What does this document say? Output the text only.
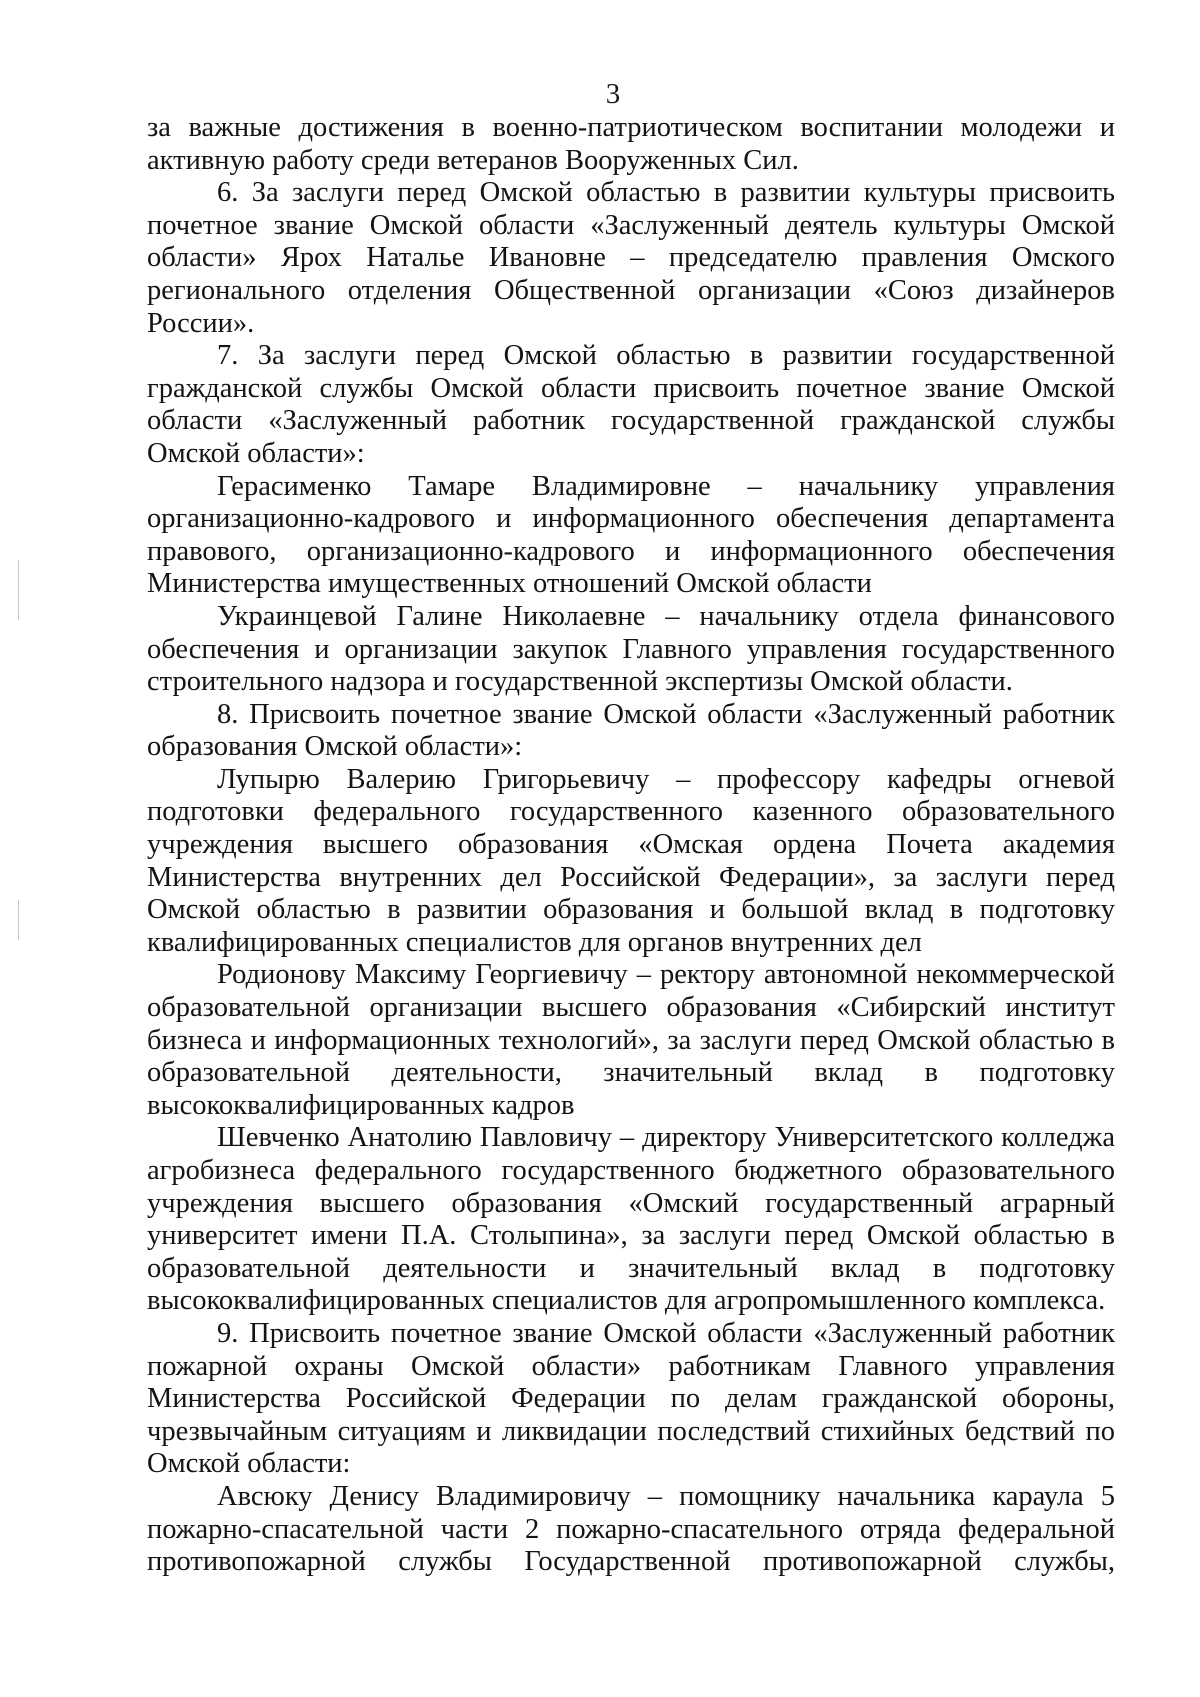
3

за важные достижения в военно-патриотическом воспитании молодежи и активную работу среди ветеранов Вооруженных Сил.

6. За заслуги перед Омской областью в развитии культуры присвоить почетное звание Омской области «Заслуженный деятель культуры Омской области» Ярох Наталье Ивановне – председателю правления Омского регионального отделения Общественной организации «Союз дизайнеров России».

7. За заслуги перед Омской областью в развитии государственной гражданской службы Омской области присвоить почетное звание Омской области «Заслуженный работник государственной гражданской службы Омской области»:

Герасименко Тамаре Владимировне – начальнику управления организационно-кадрового и информационного обеспечения департамента правового, организационно-кадрового и информационного обеспечения Министерства имущественных отношений Омской области

Украинцевой Галине Николаевне – начальнику отдела финансового обеспечения и организации закупок Главного управления государственного строительного надзора и государственной экспертизы Омской области.

8. Присвоить почетное звание Омской области «Заслуженный работник образования Омской области»:

Лупырю Валерию Григорьевичу – профессору кафедры огневой подготовки федерального государственного казенного образовательного учреждения высшего образования «Омская ордена Почета академия Министерства внутренних дел Российской Федерации», за заслуги перед Омской областью в развитии образования и большой вклад в подготовку квалифицированных специалистов для органов внутренних дел

Родионову Максиму Георгиевичу – ректору автономной некоммерческой образовательной организации высшего образования «Сибирский институт бизнеса и информационных технологий», за заслуги перед Омской областью в образовательной деятельности, значительный вклад в подготовку высококвалифицированных кадров

Шевченко Анатолию Павловичу – директору Университетского колледжа агробизнеса федерального государственного бюджетного образовательного учреждения высшего образования «Омский государственный аграрный университет имени П.А. Столыпина», за заслуги перед Омской областью в образовательной деятельности и значительный вклад в подготовку высококвалифицированных специалистов для агропромышленного комплекса.

9. Присвоить почетное звание Омской области «Заслуженный работник пожарной охраны Омской области» работникам Главного управления Министерства Российской Федерации по делам гражданской обороны, чрезвычайным ситуациям и ликвидации последствий стихийных бедствий по Омской области:

Авсюку Денису Владимировичу – помощнику начальника караула 5 пожарно-спасательной части 2 пожарно-спасательного отряда федеральной противопожарной службы Государственной противопожарной службы,
